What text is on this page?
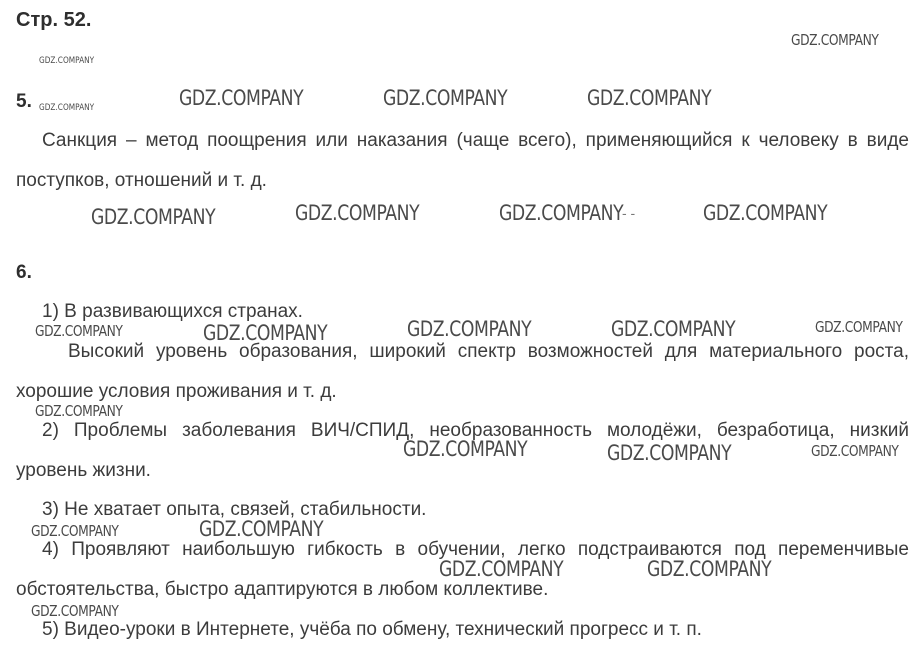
Стр. 52.
5.
Санкция – метод поощрения или наказания (чаще всего), применяющийся к человеку в виде поступков, отношений и т. д.
6.
1) В развивающихся странах.
Высокий уровень образования, широкий спектр возможностей для материального роста, хорошие условия проживания и т. д.
2) Проблемы заболевания ВИЧ/СПИД, необразованность молодёжи, безработица, низкий уровень жизни.
3) Не хватает опыта, связей, стабильности.
4) Проявляют наибольшую гибкость в обучении, легко подстраиваются под переменчивые обстоятельства, быстро адаптируются в любом коллективе.
5) Видео-уроки в Интернете, учёба по обмену, технический прогресс и т. п.
GDZ.COMPANY
GDZ.COMPANY
GDZ.COMPANY	GDZ.COMPANY	GDZ.COMPANY	GDZ.COMPANY
GDZ.COMPANY	GDZ.COMPANY	GDZ.COMPANY
- -	GDZ.COMPANY
GDZ.COMPANY	GDZ.COMPANY	GDZ.COMPANY	GDZ.COMPANY	GDZ.COMPANY
GDZ.COMPANY
GDZ.COMPANY	GDZ.COMPANY	GDZ.COMPANY
GDZ.COMPANY	GDZ.COMPANY
GDZ.COMPANY	GDZ.COMPANY
GDZ.COMPANY
